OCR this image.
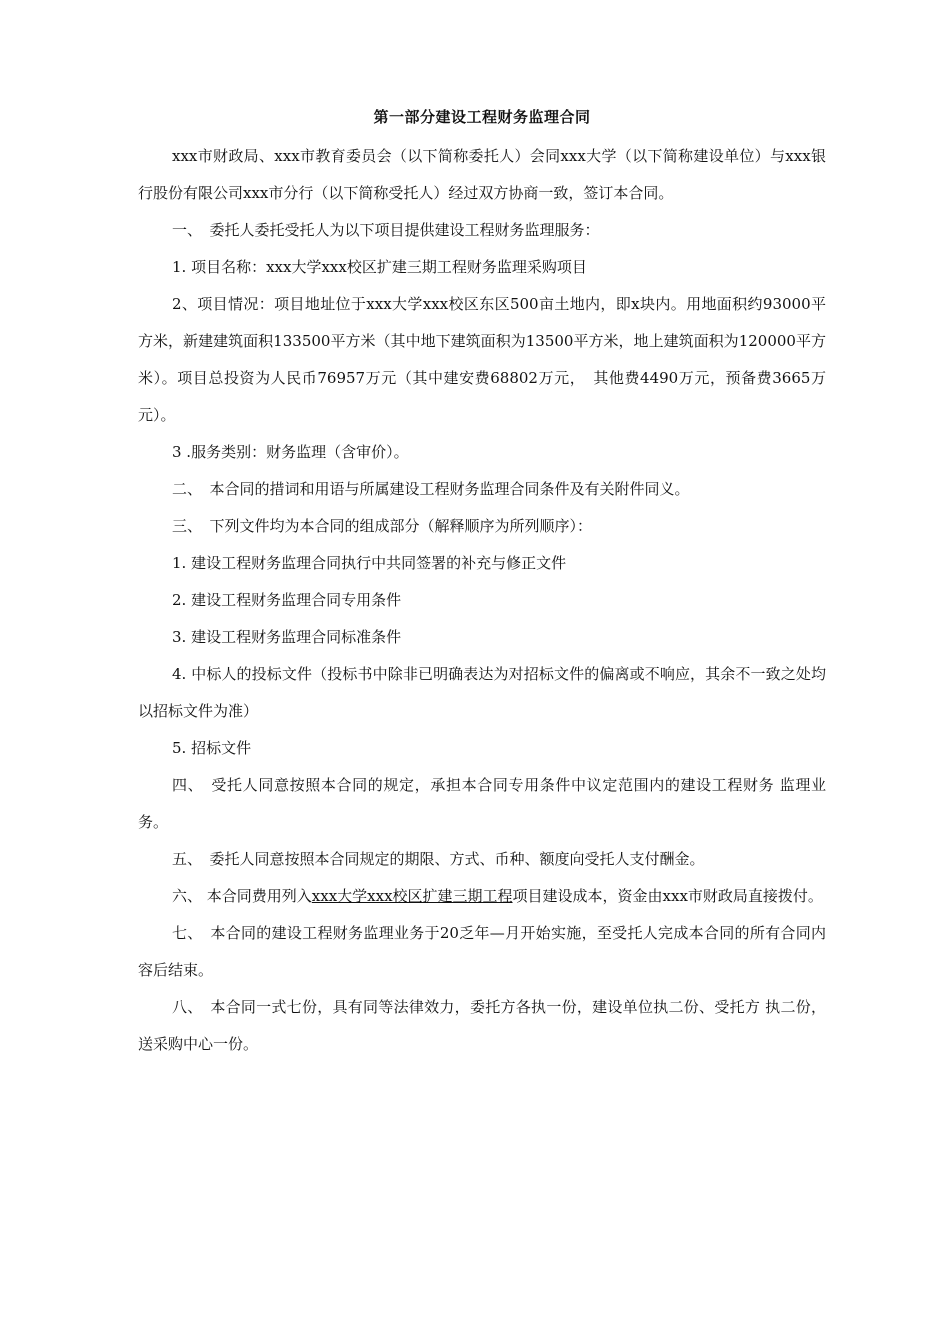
第一部分建设工程财务监理合同

xxx市财政局、xxx市教育委员会（以下简称委托人）会同xxx大学（以下简称建设单位）与xxx银行股份有限公司xxx市分行（以下简称受托人）经过双方协商一致，签订本合同。

一、　委托人委托受托人为以下项目提供建设工程财务监理服务：

1. 项目名称：xxx大学xxx校区扩建三期工程财务监理采购项目

2、项目情况：项目地址位于xxx大学xxx校区东区500亩土地内，即x块内。用地面积约93000平方米，新建建筑面积133500平方米（其中地下建筑面积为13500平方米，地上建筑面积为120000平方米）。项目总投资为人民币76957万元（其中建安费68802万元，　其他费4490万元，预备费3665万元）。

3 .服务类别：财务监理（含审价）。

二、　本合同的措词和用语与所属建设工程财务监理合同条件及有关附件同义。

三、　下列文件均为本合同的组成部分（解释顺序为所列顺序）：

1. 建设工程财务监理合同执行中共同签署的补充与修正文件

2. 建设工程财务监理合同专用条件

3. 建设工程财务监理合同标准条件

4. 中标人的投标文件（投标书中除非已明确表达为对招标文件的偏离或不响应，其余不一致之处均以招标文件为准）

5. 招标文件

四、　受托人同意按照本合同的规定，承担本合同专用条件中议定范围内的建设工程财务 监理业务。

五、　委托人同意按照本合同规定的期限、方式、币种、额度向受托人支付酬金。

六、 本合同费用列入xxx大学xxx校区扩建三期工程项目建设成本，资金由xxx市财政局直接拨付。

七、　本合同的建设工程财务监理业务于20乏年—月开始实施，至受托人完成本合同的所有合同内容后结束。

八、　本合同一式七份，具有同等法律效力，委托方各执一份，建设单位执二份、受托方 执二份，送采购中心一份。
